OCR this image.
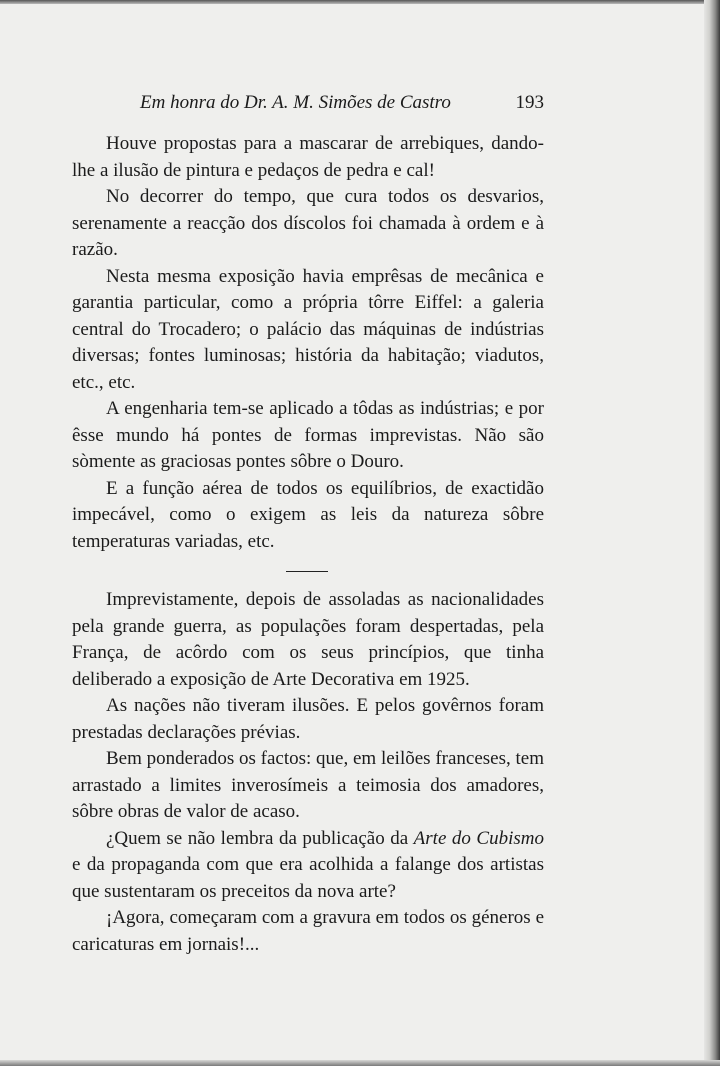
Em honra do Dr. A. M. Simões de Castro	193

Houve propostas para a mascarar de arrebiques, dando-lhe a ilusão de pintura e pedaços de pedra e cal!

No decorrer do tempo, que cura todos os desvarios, serenamente a reacção dos díscolos foi chamada à ordem e à razão.

Nesta mesma exposição havia emprêsas de mecânica e garantia particular, como a própria tôrre Eiffel: a galeria central do Trocadero; o palácio das máquinas de indústrias diversas; fontes luminosas; história da habitação; viadutos, etc., etc.

A engenharia tem-se aplicado a tôdas as indústrias; e por êsse mundo há pontes de formas imprevistas. Não são sòmente as graciosas pontes sôbre o Douro.

E a função aérea de todos os equilíbrios, de exactidão impecável, como o exigem as leis da natureza sôbre temperaturas variadas, etc.

Imprevistamente, depois de assoladas as nacionalidades pela grande guerra, as populações foram despertadas, pela França, de acôrdo com os seus princípios, que tinha deliberado a exposição de Arte Decorativa em 1925.

As nações não tiveram ilusões. E pelos govêrnos foram prestadas declarações prévias.

Bem ponderados os factos: que, em leilões franceses, tem arrastado a limites inverosímeis a teimosia dos amadores, sôbre obras de valor de acaso.

¿Quem se não lembra da publicação da Arte do Cubismo e da propaganda com que era acolhida a falange dos artistas que sustentaram os preceitos da nova arte?

¡Agora, começaram com a gravura em todos os géneros e caricaturas em jornais!...
